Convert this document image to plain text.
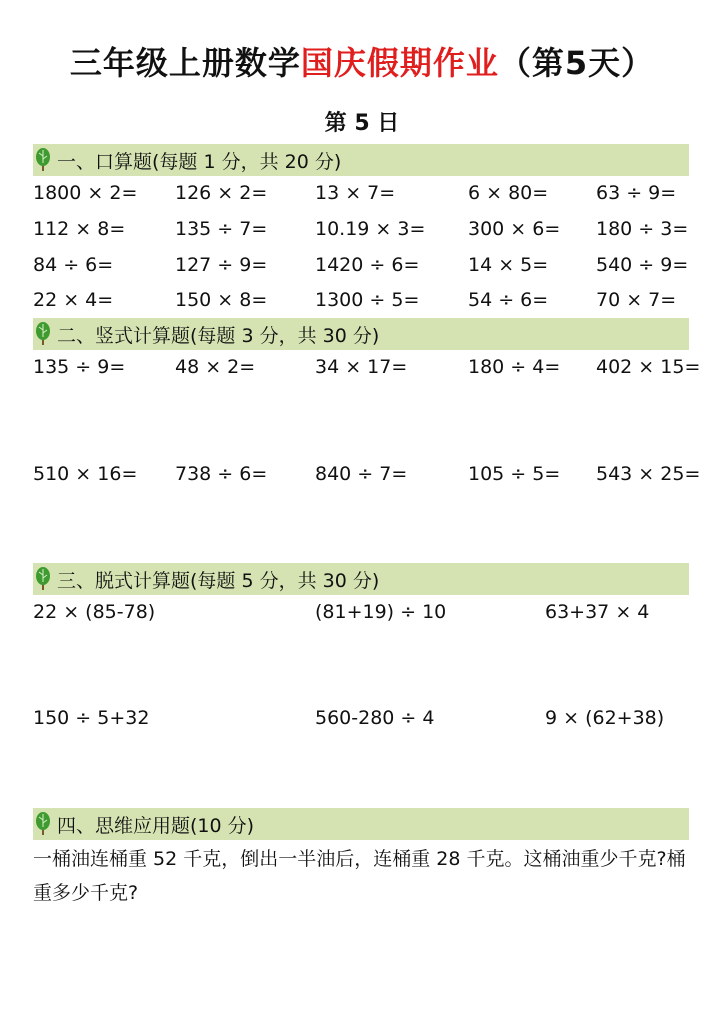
三年级上册数学国庆假期作业（第5天）
第 5 日
一、口算题(每题 1 分，共 20 分)
1800 × 2= 126 × 2=	13 × 7=	6 × 80=	63 ÷ 9=
112 × 8=	135 ÷ 7=	10.19 × 3= 300 × 6= 180 ÷ 3=
84 ÷ 6=	127 ÷ 9=	1420 ÷ 6=	14 × 5=	540 ÷ 9=
22 × 4=	150 × 8=	1300 ÷ 5=	54 ÷ 6=	70 × 7=
二、竖式计算题(每题 3 分，共 30 分)
135 ÷ 9=	48 × 2=	34 × 17=	180 ÷ 4= 402 × 15=
510 × 16= 738 ÷ 6=	840 ÷ 7=	105 ÷ 5= 543 × 25=
三、脱式计算题(每题 5 分，共 30 分)
22 × (85-78)	(81+19) ÷ 10	63+37 × 4
150 ÷ 5+32	560-280 ÷ 4	9 × (62+38)
四、思维应用题(10 分)
一桶油连桶重 52 千克，倒出一半油后，连桶重 28 千克。这桶油重少千克?桶重多少千克?
